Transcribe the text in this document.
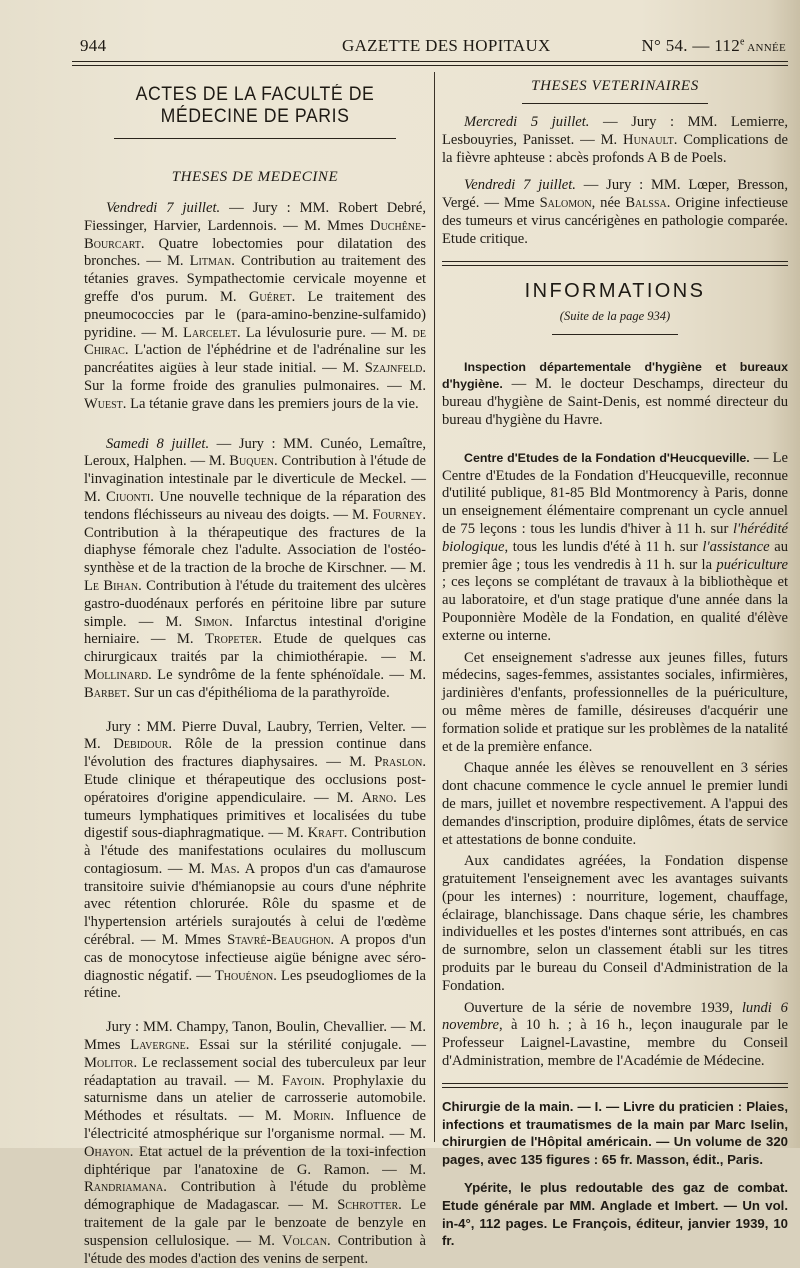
944	GAZETTE DES HOPITAUX	N° 54. — 112e ANNÉE
ACTES DE LA FACULTÉ DE MÉDECINE DE PARIS

THESES DE MEDECINE

Vendredi 7 juillet. — Jury : MM. Robert Debré, Fiessinger, Harvier, Lardennois. — M. Mmes Duchêne-Bourcart. Quatre lobectomies pour dilatation des bronches. — M. Litman. Contribution au traitement des tétanies graves. Sympathectomie cervicale moyenne et greffe d'os purum. M. Guéret. Le traitement des pneumococcies par le (para-amino-benzine-sulfamido) pyridine. — M. Larcelet. La lévulosurie pure. — M. de Chirac. L'action de l'éphédrine et de l'adrénaline sur les pancréatites aigües à leur stade initial. — M. Szajnfeld. Sur la forme froide des granulies pulmonaires. — M. Wuest. La tétanie grave dans les premiers jours de la vie.

Samedi 8 juillet. — Jury : MM. Cunéo, Lemaître, Leroux, Halphen. — M. Buquen. Contribution à l'étude de l'invagination intestinale par le diverticule de Meckel. — M. Ciuonti. Une nouvelle technique de la réparation des tendons fléchisseurs au niveau des doigts. — M. Fourney. Contribution à la thérapeutique des fractures de la diaphyse fémorale chez l'adulte. Association de l'ostéo-synthèse et de la traction de la broche de Kirschner. — M. Le Bihan. Contribution à l'étude du traitement des ulcères gastro-duodénaux perforés en péritoine libre par suture simple. — M. Simon. Infarctus intestinal d'origine herniaire. — M. Tropeter. Etude de quelques cas chirurgicaux traités par la chimiothérapie. — M. Mollinard. Le syndrôme de la fente sphénoïdale. — M. Barbet. Sur un cas d'épithélioma de la parathyroïde.

Jury : MM. Pierre Duval, Laubry, Terrien, Velter. — M. Debidour. Rôle de la pression continue dans l'évolution des fractures diaphysaires. — M. Praslon. Etude clinique et thérapeutique des occlusions post-opératoires d'origine appendiculaire. — M. Arno. Les tumeurs lymphatiques primitives et localisées du tube digestif sous-diaphragmatique. — M. Kraft. Contribution à l'étude des manifestations oculaires du molluscum contagiosum. — M. Mas. A propos d'un cas d'amaurose transitoire suivie d'hémianopsie au cours d'une néphrite avec rétention chlorurée. Rôle du spasme et de l'hypertension artériels surajoutés à celui de l'œdème cérébral. — M. Mmes Stavré-Beaughon. A propos d'un cas de monocytose infectieuse aigüe bénigne avec séro-diagnostic négatif. — Thouénon. Les pseudogliomes de la rétine.

Jury : MM. Champy, Tanon, Boulin, Chevallier. — M. Mmes Lavergne. Essai sur la stérilité conjugale. — Molitor. Le reclassement social des tuberculeux par leur réadaptation au travail. — M. Fayoin. Prophylaxie du saturnisme dans un atelier de carrosserie automobile. Méthodes et résultats. — M. Morin. Influence de l'électricité atmosphérique sur l'organisme normal. — M. Ohayon. Etat actuel de la prévention de la toxi-infection diphtérique par l'anatoxine de G. Ramon. — M. Randriamana. Contribution à l'étude du problème démographique de Madagascar. — M. Schrotter. Le traitement de la gale par le benzoate de benzyle en suspension cellulosique. — M. Volcan. Contribution à l'étude des modes d'action des venins de serpent.

THESES VETERINAIRES

Mercredi 5 juillet. — Jury : MM. Lemierre, Lesbouyries, Panisset. — M. Hunault. Complications de la fièvre aphteuse : abcès profonds A B de Poels.

Vendredi 7 juillet. — Jury : MM. Lœper, Bresson, Vergé. — Mme Salomon, née Balssa. Origine infectieuse des tumeurs et virus cancérigènes en pathologie comparée. Etude critique.

INFORMATIONS

(Suite de la page 934)

Inspection départementale d'hygiène et bureaux d'hygiène. — M. le docteur Deschamps, directeur du bureau d'hygiène de Saint-Denis, est nommé directeur du bureau d'hygiène du Havre.

Centre d'Etudes de la Fondation d'Heucqueville. — Le Centre d'Etudes de la Fondation d'Heucqueville, reconnue d'utilité publique, 81-85 Bld Montmorency à Paris, donne un enseignement élémentaire comprenant un cycle annuel de 75 leçons : tous les lundis d'hiver à 11 h. sur l'hérédité biologique, tous les lundis d'été à 11 h. sur l'assistance au premier âge ; tous les vendredis à 11 h. sur la puériculture ; ces leçons se complétant de travaux à la bibliothèque et au laboratoire, et d'un stage pratique d'une année dans la Pouponnière Modèle de la Fondation, en qualité d'élève externe ou interne.

Cet enseignement s'adresse aux jeunes filles, futurs médecins, sages-femmes, assistantes sociales, infirmières, jardinières d'enfants, professionnelles de la puériculture, ou même mères de famille, désireuses d'acquérir une formation solide et pratique sur les problèmes de la natalité et de la première enfance.

Chaque année les élèves se renouvellent en 3 séries dont chacune commence le cycle annuel le premier lundi de mars, juillet et novembre respectivement. A l'appui des demandes d'inscription, produire diplômes, états de service et attestations de bonne conduite.

Aux candidates agréées, la Fondation dispense gratuitement l'enseignement avec les avantages suivants (pour les internes) : nourriture, logement, chauffage, éclairage, blanchissage. Dans chaque série, les chambres individuelles et les postes d'internes sont attribués, en cas de surnombre, selon un classement établi sur les titres produits par le bureau du Conseil d'Administration de la Fondation.

Ouverture de la série de novembre 1939, lundi 6 novembre, à 10 h. ; à 16 h., leçon inaugurale par le Professeur Laignel-Lavastine, membre du Conseil d'Administration, membre de l'Académie de Médecine.

Chirurgie de la main. — I. — Livre du praticien : Plaies, infections et traumatismes de la main par Marc Iselin, chirurgien de l'Hôpital américain. — Un volume de 320 pages, avec 135 figures : 65 fr. Masson, édit., Paris.

Ypérite, le plus redoutable des gaz de combat. Etude générale par MM. Anglade et Imbert. — Un vol. in-4°, 112 pages. Le François, éditeur, janvier 1939, 10 fr.
